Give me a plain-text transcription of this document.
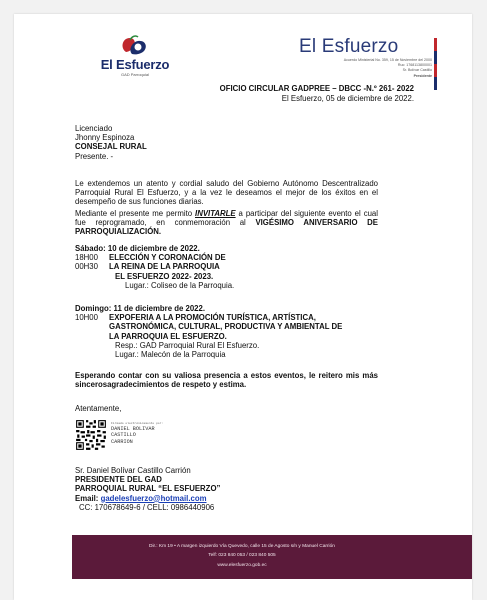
El Esfuerzo
GAD Parroquial
El Esfuerzo
Acuerdo Ministerial No. 359, 15 de Noviembre del 2000
Ruc: 1768113800001
Sr. Bolívar Castillo
Presidente
OFICIO CIRCULAR GADPREE – DBCC -N.º 261- 2022
El Esfuerzo, 05 de diciembre de 2022.
Licenciado
Jhonny Espinoza
CONSEJAL RURAL
Presente. -
Le extendemos un atento y cordial saludo del Gobierno Autónomo Descentralizado Parroquial Rural El Esfuerzo, y a la vez le deseamos el mejor de los éxitos en el desempeño de sus funciones diarias.
Mediante el presente me permito INVITARLE a participar del siguiente evento el cual fue reprogramado, en conmemoración al VIGÉSIMO ANIVERSARIO DE PARROQUIALIZACIÓN.
Sábado: 10 de diciembre de 2022.
18H00	ELECCIÓN Y CORONACIÓN DE
00H30	LA REINA DE LA PARROQUIA
EL ESFUERZO 2022- 2023.
Lugar.: Coliseo de la Parroquia.
Domingo: 11 de diciembre de 2022.
10H00	EXPOFERIA A LA PROMOCIÓN TURÍSTICA, ARTÍSTICA,
GASTRONÓMICA, CULTURAL, PRODUCTIVA Y AMBIENTAL DE
LA PARROQUIA EL ESFUERZO.
Resp.: GAD Parroquial Rural El Esfuerzo.
Lugar.: Malecón de la Parroquia
Esperando contar con su valiosa presencia a estos eventos, le reitero mis más sincerosagradecimientos de respeto y estima.
Atentamente,
Firmado electrónicamente por:
DANIEL BOLIVAR
CASTILLO
CARRION
Sr. Daniel Bolívar Castillo Carrión
PRESIDENTE DEL GAD
PARROQUIAL RURAL “EL ESFUERZO”
Email: gadelesfuerzo@hotmail.com
CC: 170678649-6 / CELL: 0986440906
Dir.: Km 19 • A margen izquierdo Vía Quevedo, calle 15 de Agosto s/n y Manuel Carrión
Telf: 023 840 053 / 023 840 505
www.elesfuerzo.gob.ec
